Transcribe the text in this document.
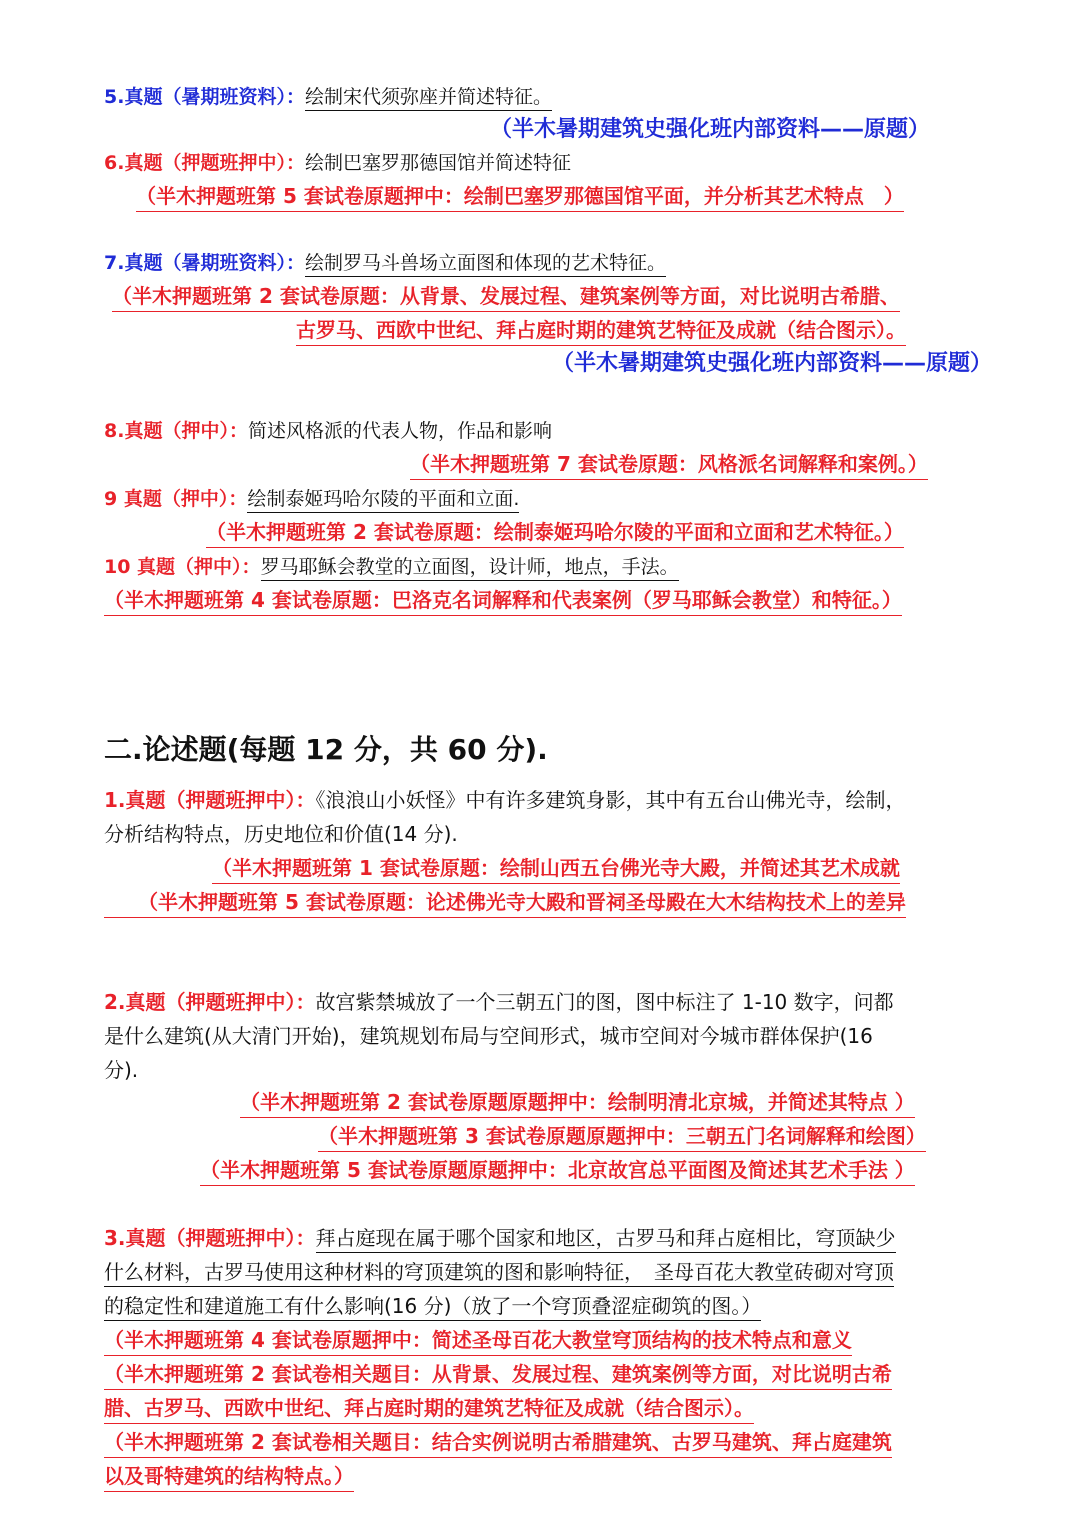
5.真题（暑期班资料）：绘制宋代须弥座并简述特征。
（半木暑期建筑史强化班内部资料——原题）
6.真题（押题班押中）：绘制巴塞罗那德国馆并简述特征
（半木押题班第 5 套试卷原题押中：绘制巴塞罗那德国馆平面，并分析其艺术特点　）
7.真题（暑期班资料）：绘制罗马斗兽场立面图和体现的艺术特征。
（半木押题班第 2 套试卷原题：从背景、发展过程、建筑案例等方面，对比说明古希腊、
古罗马、西欧中世纪、拜占庭时期的建筑艺特征及成就（结合图示）。
（半木暑期建筑史强化班内部资料——原题）
8.真题（押中）：简述风格派的代表人物，作品和影响
（半木押题班第 7 套试卷原题：风格派名词解释和案例。）
9 真题（押中）：绘制泰姬玛哈尔陵的平面和立面.
（半木押题班第 2 套试卷原题：绘制泰姬玛哈尔陵的平面和立面和艺术特征。）
10 真题（押中）：罗马耶稣会教堂的立面图，设计师，地点，手法。
（半木押题班第 4 套试卷原题：巴洛克名词解释和代表案例（罗马耶稣会教堂）和特征。）
二.论述题(每题 12 分，共 60 分).
1.真题（押题班押中）：《浪浪山小妖怪》中有许多建筑身影，其中有五台山佛光寺，绘制，
分析结构特点，历史地位和价值(14 分).
（半木押题班第 1 套试卷原题：绘制山西五台佛光寺大殿，并简述其艺术成就
（半木押题班第 5 套试卷原题：论述佛光寺大殿和晋祠圣母殿在大木结构技术上的差异
2.真题（押题班押中）：故宫紫禁城放了一个三朝五门的图，图中标注了 1-10 数字，问都
是什么建筑(从大清门开始)，建筑规划布局与空间形式，城市空间对今城市群体保护(16
分).
（半木押题班第 2 套试卷原题原题押中：绘制明清北京城，并简述其特点 ）
（半木押题班第 3 套试卷原题原题押中：三朝五门名词解释和绘图）
（半木押题班第 5 套试卷原题原题押中：北京故宫总平面图及简述其艺术手法 ）
3.真题（押题班押中）：拜占庭现在属于哪个国家和地区，古罗马和拜占庭相比，穹顶缺少
什么材料，古罗马使用这种材料的穹顶建筑的图和影响特征，　圣母百花大教堂砖砌对穹顶
的稳定性和建道施工有什么影响(16 分)（放了一个穹顶叠涩症砌筑的图。）
（半木押题班第 4 套试卷原题押中：简述圣母百花大教堂穹顶结构的技术特点和意义
（半木押题班第 2 套试卷相关题目：从背景、发展过程、建筑案例等方面，对比说明古希
腊、古罗马、西欧中世纪、拜占庭时期的建筑艺特征及成就（结合图示）。
（半木押题班第 2 套试卷相关题目：结合实例说明古希腊建筑、古罗马建筑、拜占庭建筑
以及哥特建筑的结构特点。）
